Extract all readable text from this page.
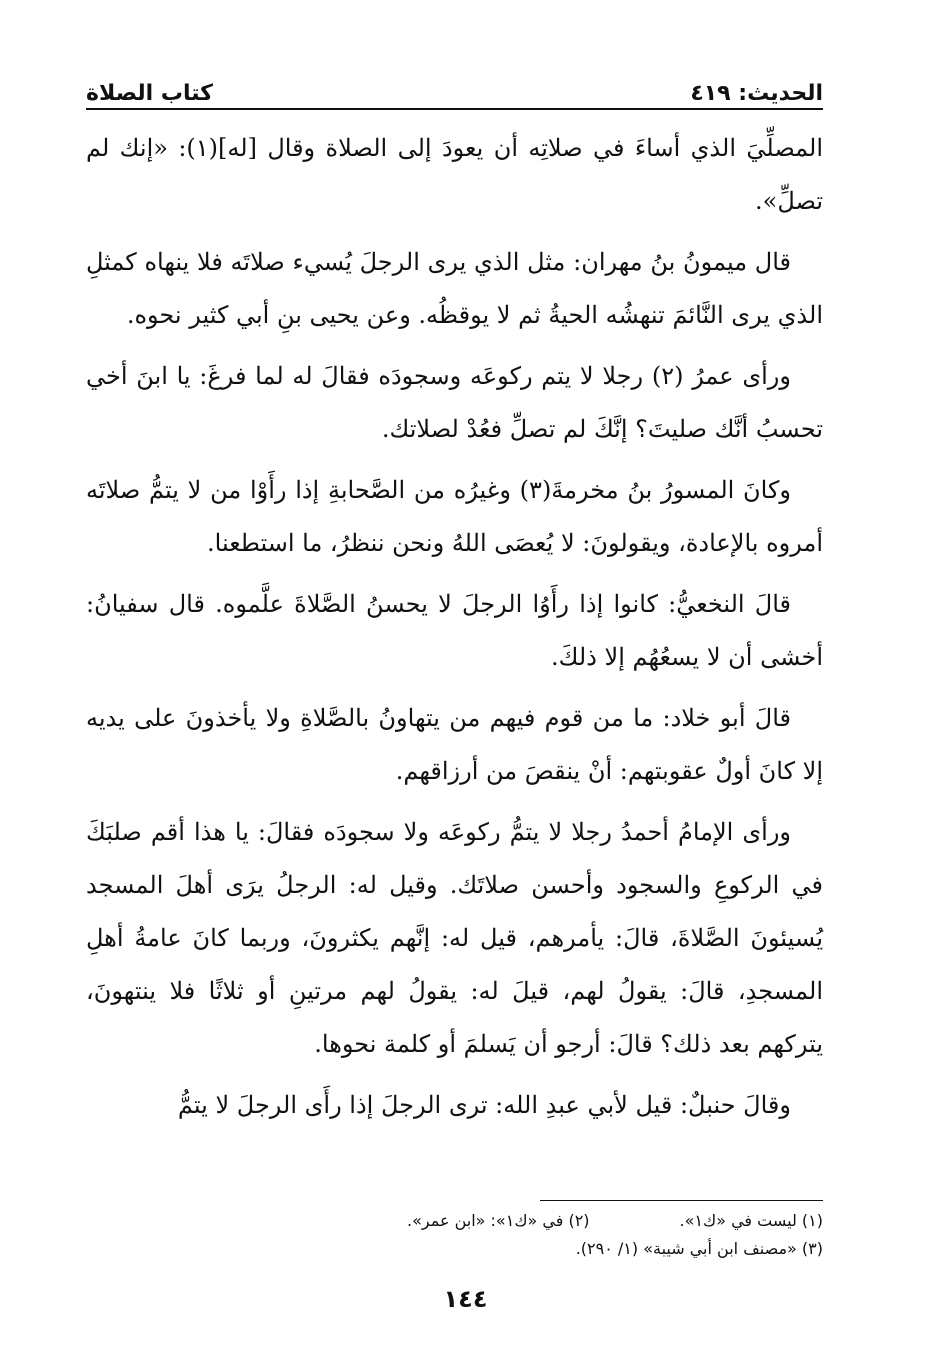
الحديث: ٤١٩
كتاب الصلاة

المصلِّيَ الذي أساءَ في صلاتِه أن يعودَ إلى الصلاة وقال [له](١): «إنك لم تصلِّ».

قال ميمونُ بنُ مهران: مثل الذي يرى الرجلَ يُسيء صلاتَه فلا ينهاه كمثلِ الذي يرى النَّائمَ تنهشُه الحيةُ ثم لا يوقظُه. وعن يحيى بنِ أبي كثير نحوه.

ورأى عمرُ (٢) رجلا لا يتم ركوعَه وسجودَه فقالَ له لما فرغَ: يا ابنَ أخي تحسبُ أنَّك صليتَ؟ إنَّكَ لم تصلِّ فعُدْ لصلاتك.

وكانَ المسورُ بنُ مخرمةَ(٣) وغيرُه من الصَّحابةِ إذا رأَوْا من لا يتمُّ صلاتَه أمروه بالإعادة، ويقولونَ: لا يُعصَى اللهُ ونحن ننظرُ، ما استطعنا.

قالَ النخعيُّ: كانوا إذا رأَوُا الرجلَ لا يحسنُ الصَّلاةَ علَّموه. قال سفيانُ: أخشى أن لا يسعُهُم إلا ذلكَ.

قالَ أبو خلاد: ما من قوم فيهم من يتهاونُ بالصَّلاةِ ولا يأخذونَ على يديه إلا كانَ أولٌ عقوبتهم: أنْ ينقصَ من أرزاقهم.

ورأى الإمامُ أحمدُ رجلا لا يتمُّ ركوعَه ولا سجودَه فقالَ: يا هذا أقم صلبَكَ في الركوعِ والسجود وأحسن صلاتَك. وقيل له: الرجلُ يرَى أهلَ المسجد يُسيئونَ الصَّلاةَ، قالَ: يأمرهم، قيل له: إنَّهم يكثرونَ، وربما كانَ عامةُ أهلِ المسجدِ، قالَ: يقولُ لهم، قيلَ له: يقولُ لهم مرتينِ أو ثلاثًا فلا ينتهونَ، يتركهم بعد ذلك؟ قالَ: أرجو أن يَسلمَ أو كلمة نحوها.

وقالَ حنبلٌ: قيل لأبي عبدِ الله: ترى الرجلَ إذا رأَى الرجلَ لا يتمُّ

(١) ليست في «ك١».
(٢) في «ك١»: «ابن عمر».
(٣) «مصنف ابن أبي شيبة» (١/ ٢٩٠).
١٤٤
